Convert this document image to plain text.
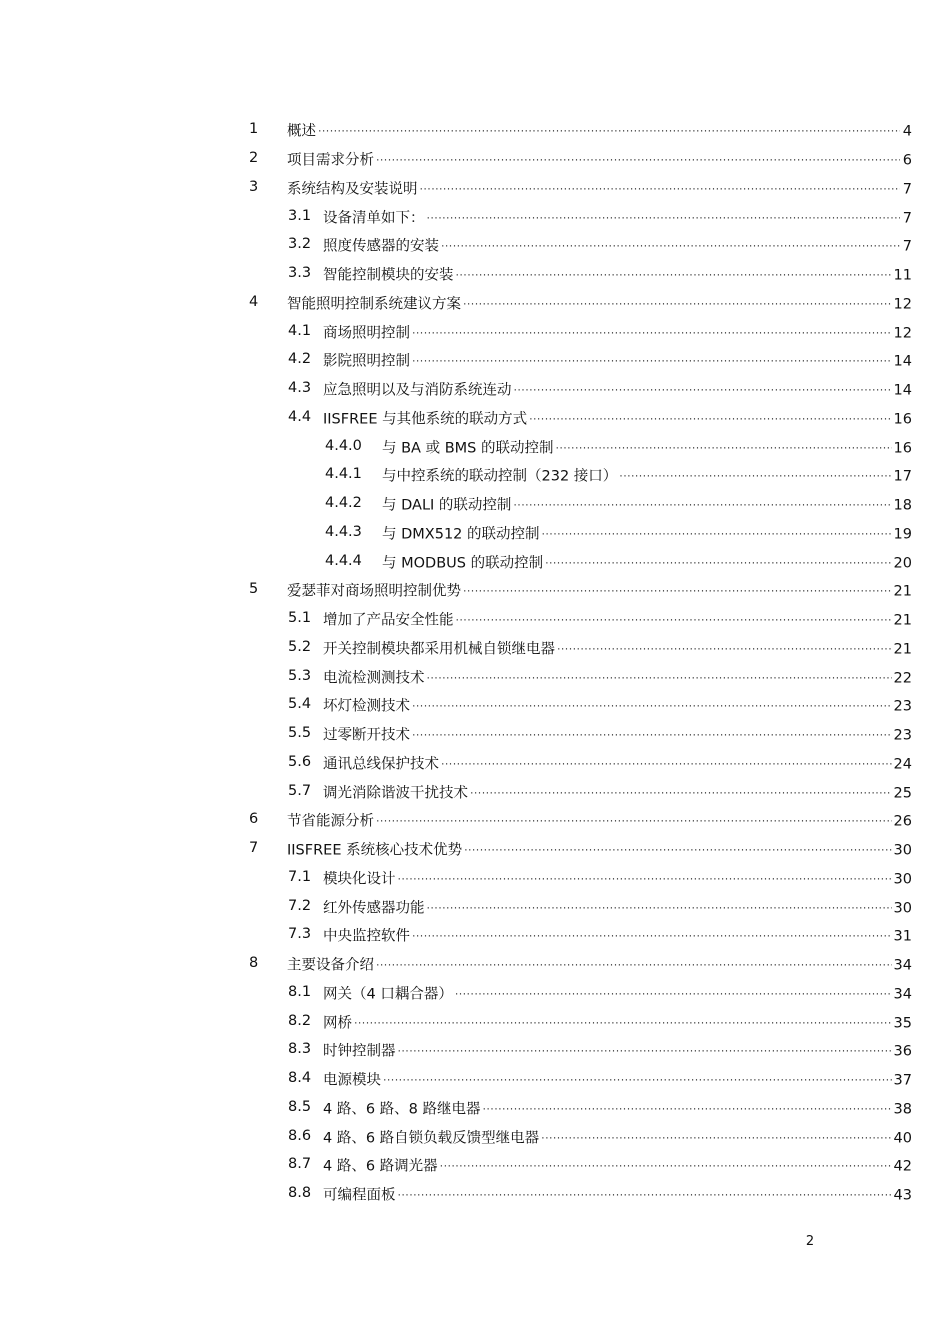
1 概述 .....	4
2 项目需求分析 .....	6
3 系统结构及安装说明 .....	7
3.1 设备清单如下： .....	7
3.2 照度传感器的安装 .....	7
3.3 智能控制模块的安装 .....	11
4 智能照明控制系统建议方案 .....	12
4.1 商场照明控制 .....	12
4.2 影院照明控制 .....	14
4.3 应急照明以及与消防系统连动 .....	14
4.4 IISFREE 与其他系统的联动方式 .....	16
4.4.0 与 BA 或 BMS 的联动控制 .....	16
4.4.1 与中控系统的联动控制（232 接口） .....	17
4.4.2 与 DALI 的联动控制 .....	18
4.4.3 与 DMX512 的联动控制 .....	19
4.4.4 与 MODBUS 的联动控制 .....	20
5 爱瑟菲对商场照明控制优势 .....	21
5.1 增加了产品安全性能 .....	21
5.2 开关控制模块都采用机械自锁继电器 .....	21
5.3 电流检测测技术 .....	22
5.4 坏灯检测技术 .....	23
5.5 过零断开技术 .....	23
5.6 通讯总线保护技术 .....	24
5.7 调光消除谐波干扰技术 .....	25
6 节省能源分析 .....	26
7 IISFREE 系统核心技术优势 .....	30
7.1 模块化设计 .....	30
7.2 红外传感器功能 .....	30
7.3 中央监控软件 .....	31
8 主要设备介绍 .....	34
8.1 网关（4 口耦合器） .....	34
8.2 网桥 .....	35
8.3 时钟控制器 .....	36
8.4 电源模块 .....	37
8.5 4 路、6 路、8 路继电器 .....	38
8.6 4 路、6 路自锁负载反馈型继电器 .....	40
8.7 4 路、6 路调光器 .....	42
8.8 可编程面板 .....	43
2
